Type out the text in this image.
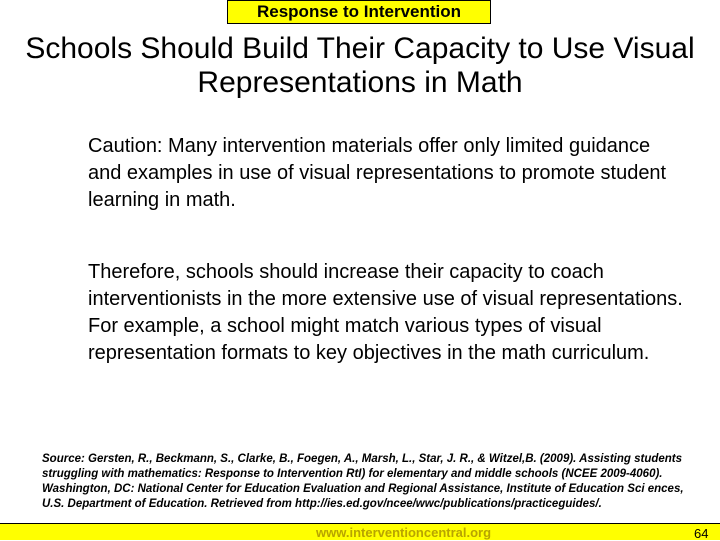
Response to Intervention
Schools Should Build Their Capacity to Use Visual Representations in Math
Caution: Many intervention materials offer only limited guidance and examples in use of visual representations to promote student learning in math.
Therefore, schools should increase their capacity to coach interventionists in the more extensive use of visual representations. For example, a school might match various types of visual representation formats to key objectives in the math curriculum.
www.interventioncentral.org	64
Source: Gersten, R., Beckmann, S., Clarke, B., Foegen, A., Marsh, L., Star, J. R., & Witzel,B. (2009). Assisting students struggling with mathematics: Response to Intervention RtI) for elementary and middle schools (NCEE 2009-4060). Washington, DC: National Center for Education Evaluation and Regional Assistance, Institute of Education Sci ences, U.S. Department of Education. Retrieved from http://ies.ed.gov/ncee/wwc/publications/practiceguides/.
